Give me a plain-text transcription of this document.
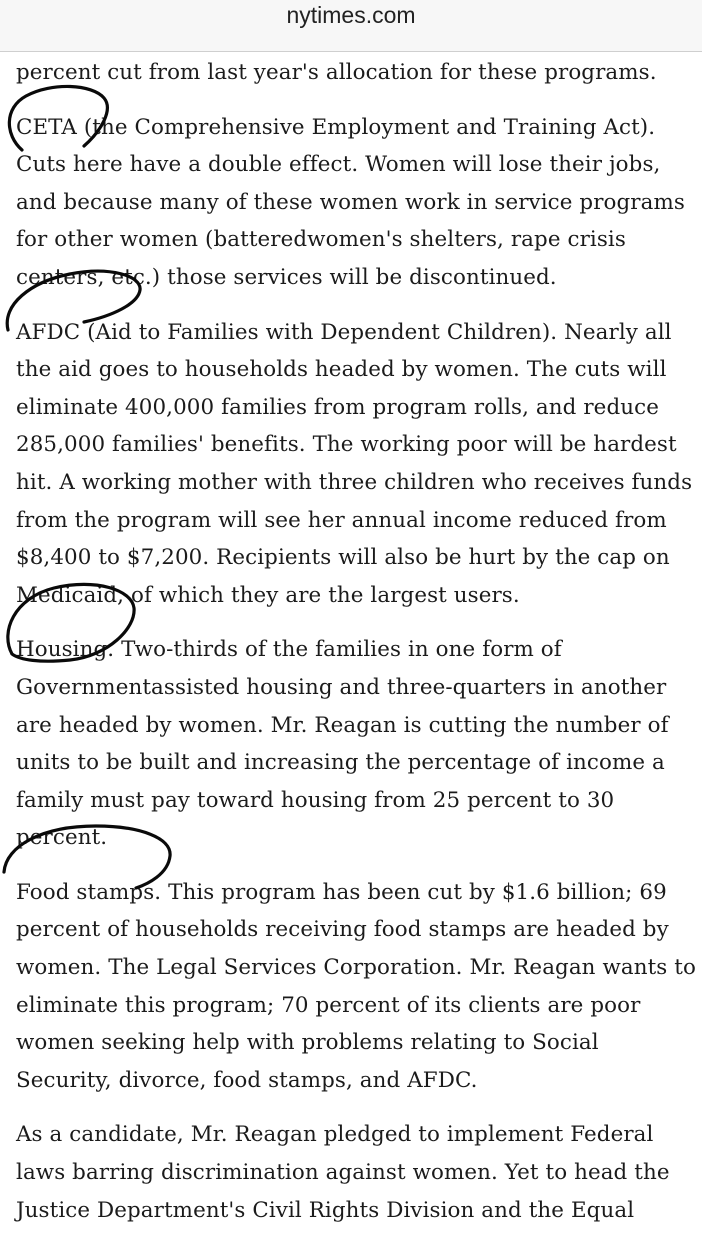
nytimes.com

percent cut from last year's allocation for these programs.

CETA (the Comprehensive Employment and Training Act).
Cuts here have a double effect. Women will lose their jobs,
and because many of these women work in service programs
for other women (batteredwomen's shelters, rape crisis
centers, etc.) those services will be discontinued.

AFDC (Aid to Families with Dependent Children). Nearly all
the aid goes to households headed by women. The cuts will
eliminate 400,000 families from program rolls, and reduce
285,000 families' benefits. The working poor will be hardest
hit. A working mother with three children who receives funds
from the program will see her annual income reduced from
$8,400 to $7,200. Recipients will also be hurt by the cap on
Medicaid, of which they are the largest users.

Housing. Two-thirds of the families in one form of
Governmentassisted housing and three-quarters in another
are headed by women. Mr. Reagan is cutting the number of
units to be built and increasing the percentage of income a
family must pay toward housing from 25 percent to 30
percent.

Food stamps. This program has been cut by $1.6 billion; 69
percent of households receiving food stamps are headed by
women. The Legal Services Corporation. Mr. Reagan wants to
eliminate this program; 70 percent of its clients are poor
women seeking help with problems relating to Social
Security, divorce, food stamps, and AFDC.

As a candidate, Mr. Reagan pledged to implement Federal
laws barring discrimination against women. Yet to head the
Justice Department's Civil Rights Division and the Equal
